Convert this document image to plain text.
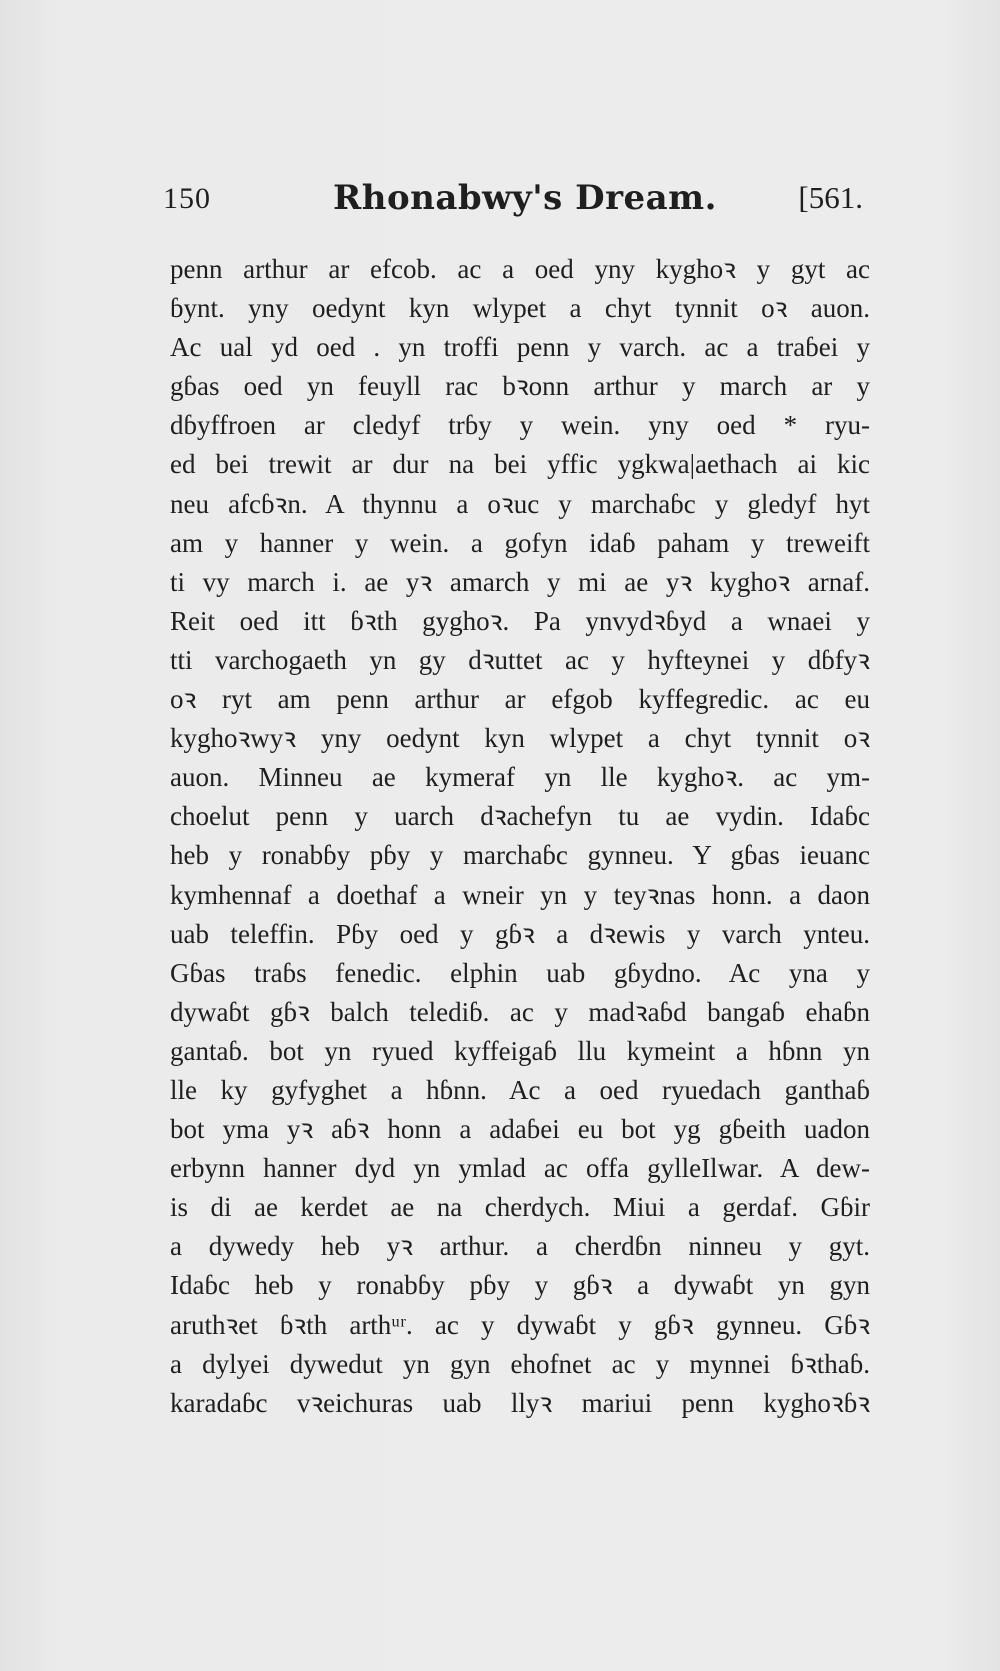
150	Rhonabwy's Dream.	[561.
penn arthur ar efcob. ac a oed yny kyghoꝛ y gyt ac
ɓynt. yny oedynt kyn wlypet a chyt tynnit oꝛ auon.
Ac ual yd oed . yn troffi penn y varch. ac a traɓei y
gɓas oed yn feuyll rac bꝛonn arthur y march ar y
dɓyffroen ar cledyf trɓy y wein. yny oed * ryu-
ed bei trewit ar dur na bei yffic ygkwa|aethach ai kic
neu afcɓꝛn. A thynnu a oꝛuc y marchaɓc y gledyf hyt
am y hanner y wein. a gofyn idaɓ paham y treweift
ti vy march i. ae yꝛ amarch y mi ae yꝛ kyghoꝛ arnaf.
Reit oed itt ɓꝛth gyghoꝛ. Pa ynvydꝛɓyd a wnaei y
tti varchogaeth yn gy dꝛuttet ac y hyfteynei y dɓfyꝛ
oꝛ ryt am penn arthur ar efgob kyffegredic. ac eu
kyghoꝛwyꝛ yny oedynt kyn wlypet a chyt tynnit oꝛ
auon. Minneu ae kymeraf yn lle kyghoꝛ. ac ym-
choelut penn y uarch dꝛachefyn tu ae vydin. Idaɓc
heb y ronabɓy pɓy y marchaɓc gynneu. Y gɓas ieuanc
kymhennaf a doethaf a wneir yn y teyꝛnas honn. a daon
uab teleffin. Pɓy oed y gɓꝛ a dꝛewis y varch ynteu.
Gɓas traɓs fenedic. elphin uab gɓydno. Ac yna y
dywaɓt gɓꝛ balch telediɓ. ac y madꝛaɓd bangaɓ ehaɓn
gantaɓ. bot yn ryued kyffeigaɓ llu kymeint a hɓnn yn
lle ky gyfyghet a hɓnn. Ac a oed ryuedach ganthaɓ
bot yma yꝛ aɓꝛ honn a adaɓei eu bot yg gɓeith uadon
erbynn hanner dyd yn ymlad ac offa gylleIlwar. A dew-
is di ae kerdet ae na cherdych. Miui a gerdaf. Gɓir
a dywedy heb yꝛ arthur. a cherdɓn ninneu y gyt.
Idaɓc heb y ronabɓy pɓy y gɓꝛ a dywaɓt yn gyn
aruthꝛet ɓꝛth arthᵘʳ. ac y dywaɓt y gɓꝛ gynneu. Gɓꝛ
a dylyei dywedut yn gyn ehofnet ac y mynnei ɓꝛthaɓ.
karadaɓc vꝛeichuras uab llyꝛ mariui penn kyghoꝛɓꝛ
